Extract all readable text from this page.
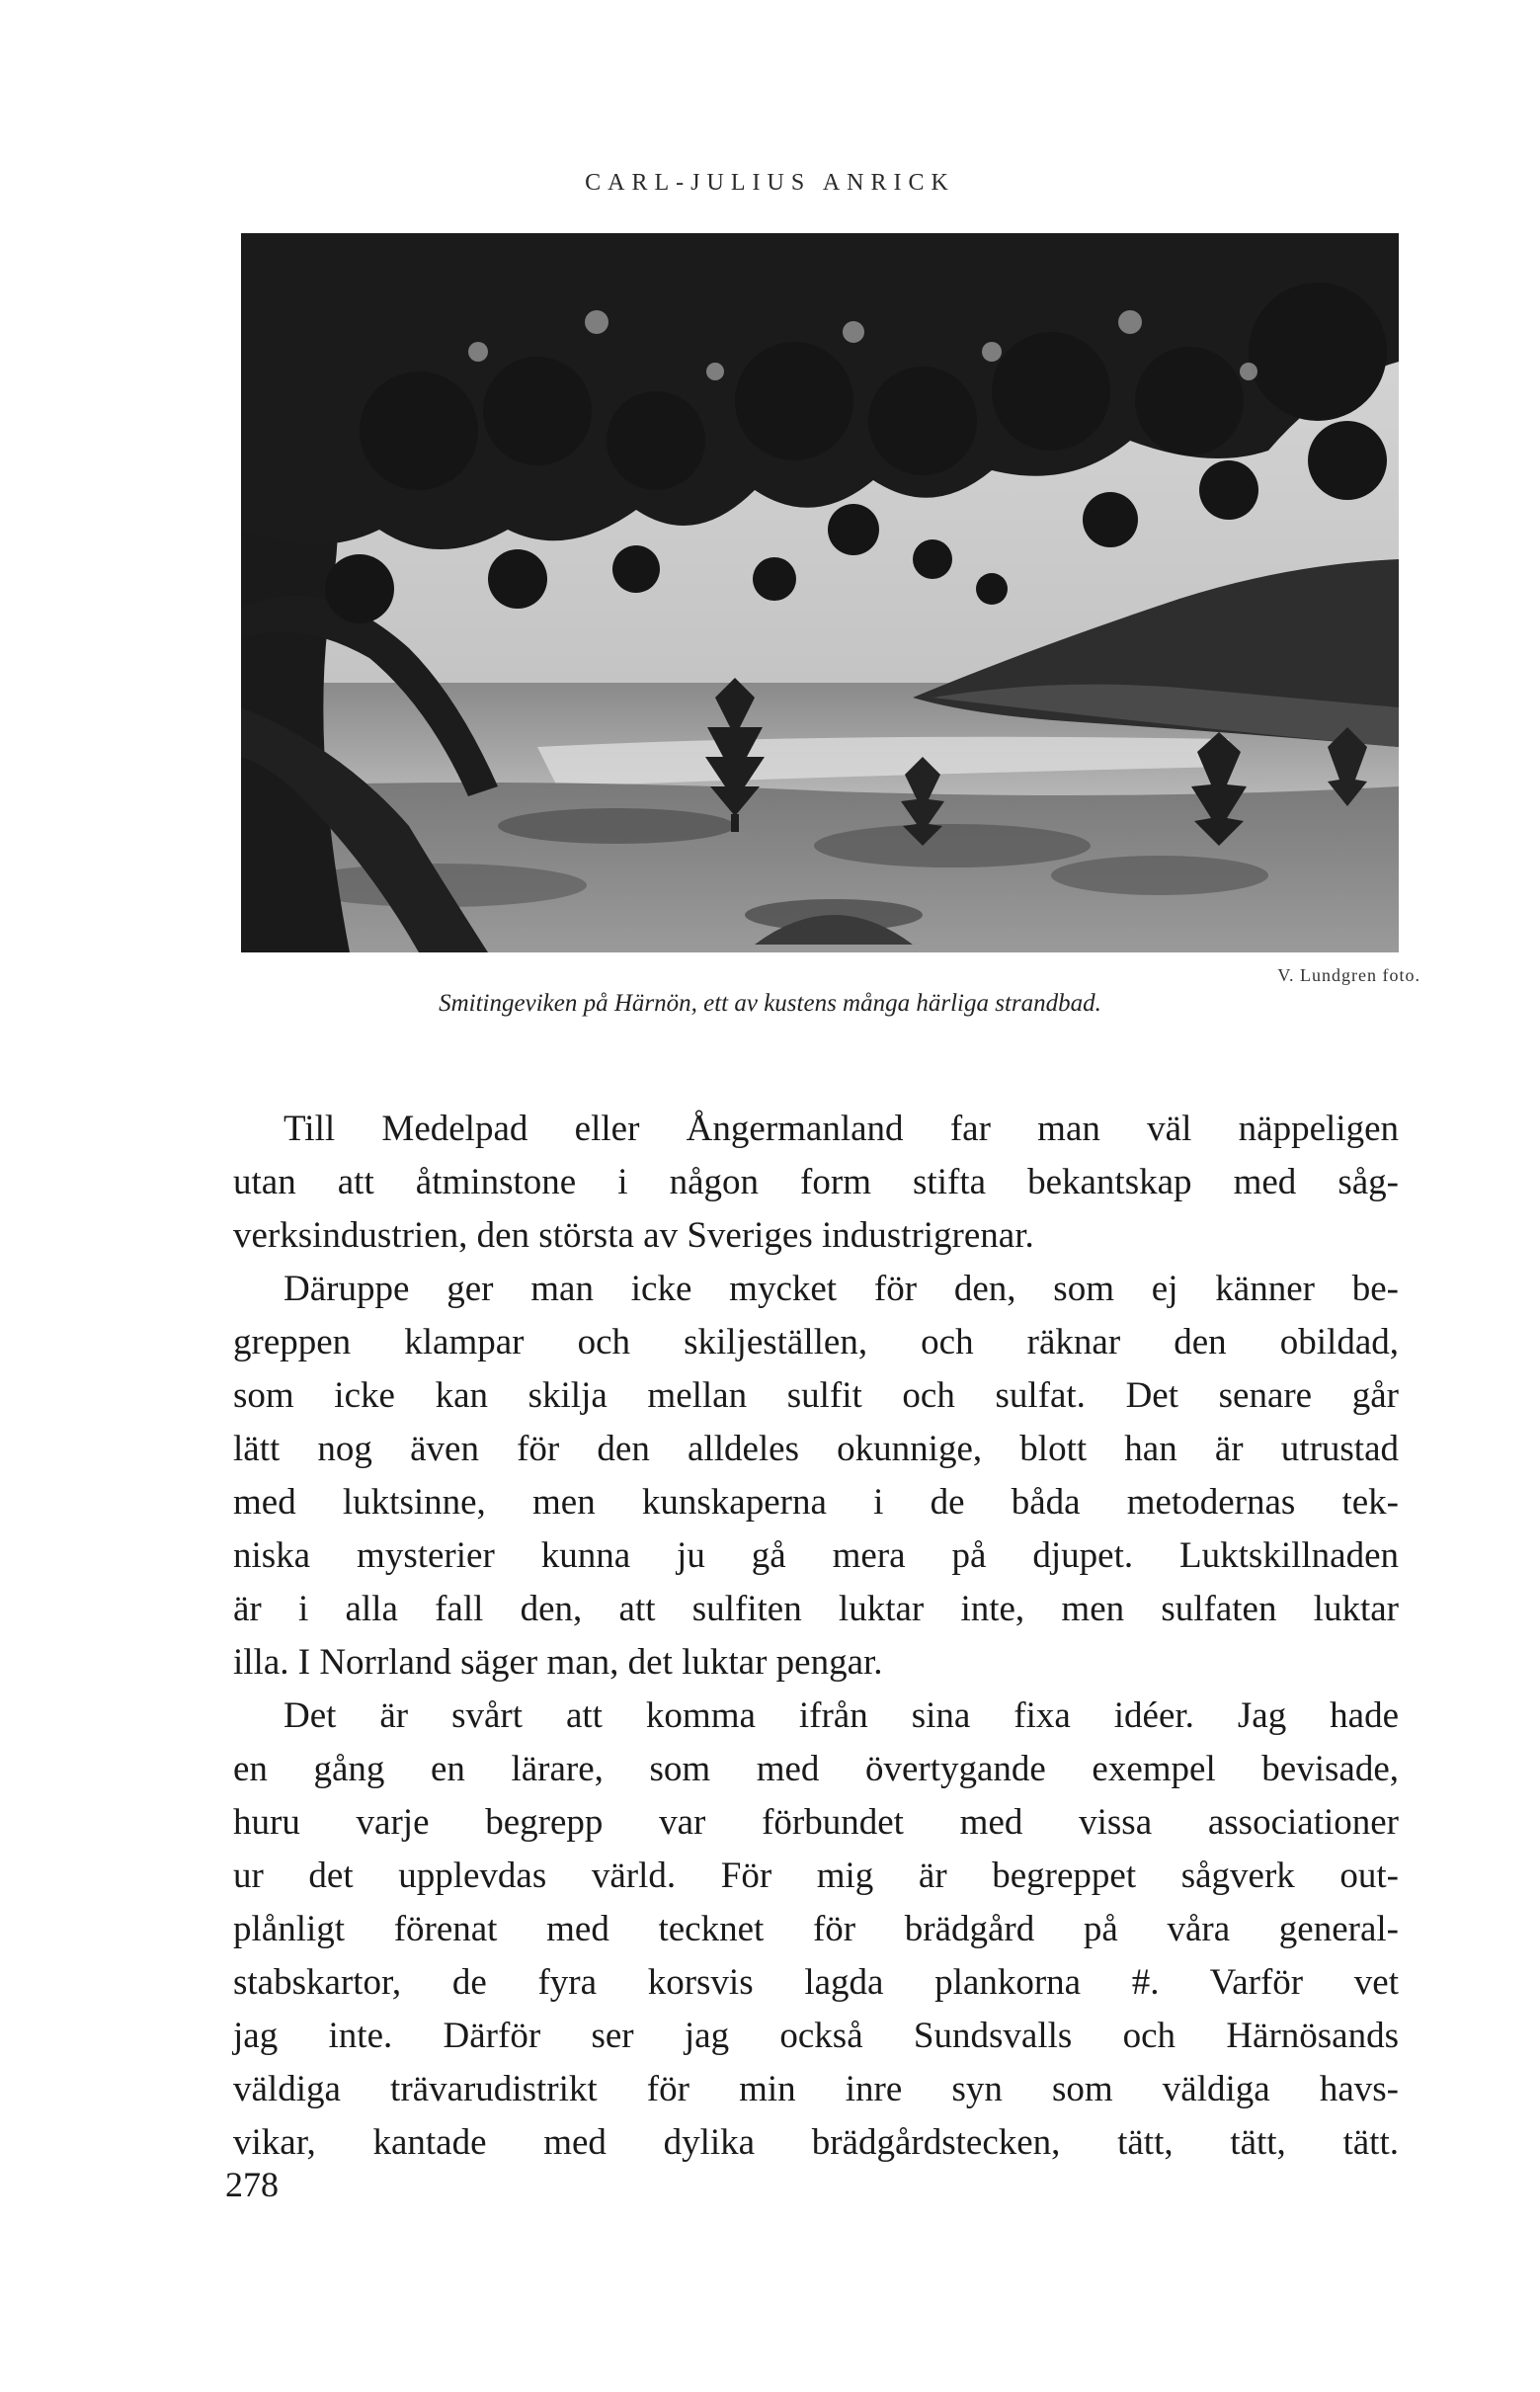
CARL-JULIUS ANRICK
V. Lundgren foto.
Smitingeviken på Härnön, ett av kustens många härliga strandbad.
Till Medelpad eller Ångermanland far man väl näppeligen
utan att åtminstone i någon form stifta bekantskap med såg-
verksindustrien, den största av Sveriges industrigrenar.
Däruppe ger man icke mycket för den, som ej känner be-
greppen klampar och skiljeställen, och räknar den obildad,
som icke kan skilja mellan sulfit och sulfat. Det senare går
lätt nog även för den alldeles okunnige, blott han är utrustad
med luktsinne, men kunskaperna i de båda metodernas tek-
niska mysterier kunna ju gå mera på djupet. Luktskillnaden
är i alla fall den, att sulfiten luktar inte, men sulfaten luktar
illa. I Norrland säger man, det luktar pengar.
Det är svårt att komma ifrån sina fixa idéer. Jag hade
en gång en lärare, som med övertygande exempel bevisade,
huru varje begrepp var förbundet med vissa associationer
ur det upplevdas värld. För mig är begreppet sågverk out-
plånligt förenat med tecknet för brädgård på våra general-
stabskartor, de fyra korsvis lagda plankorna #. Varför vet
jag inte. Därför ser jag också Sundsvalls och Härnösands
väldiga trävarudistrikt för min inre syn som väldiga havs-
vikar, kantade med dylika brädgårdstecken, tätt, tätt, tätt.
278
